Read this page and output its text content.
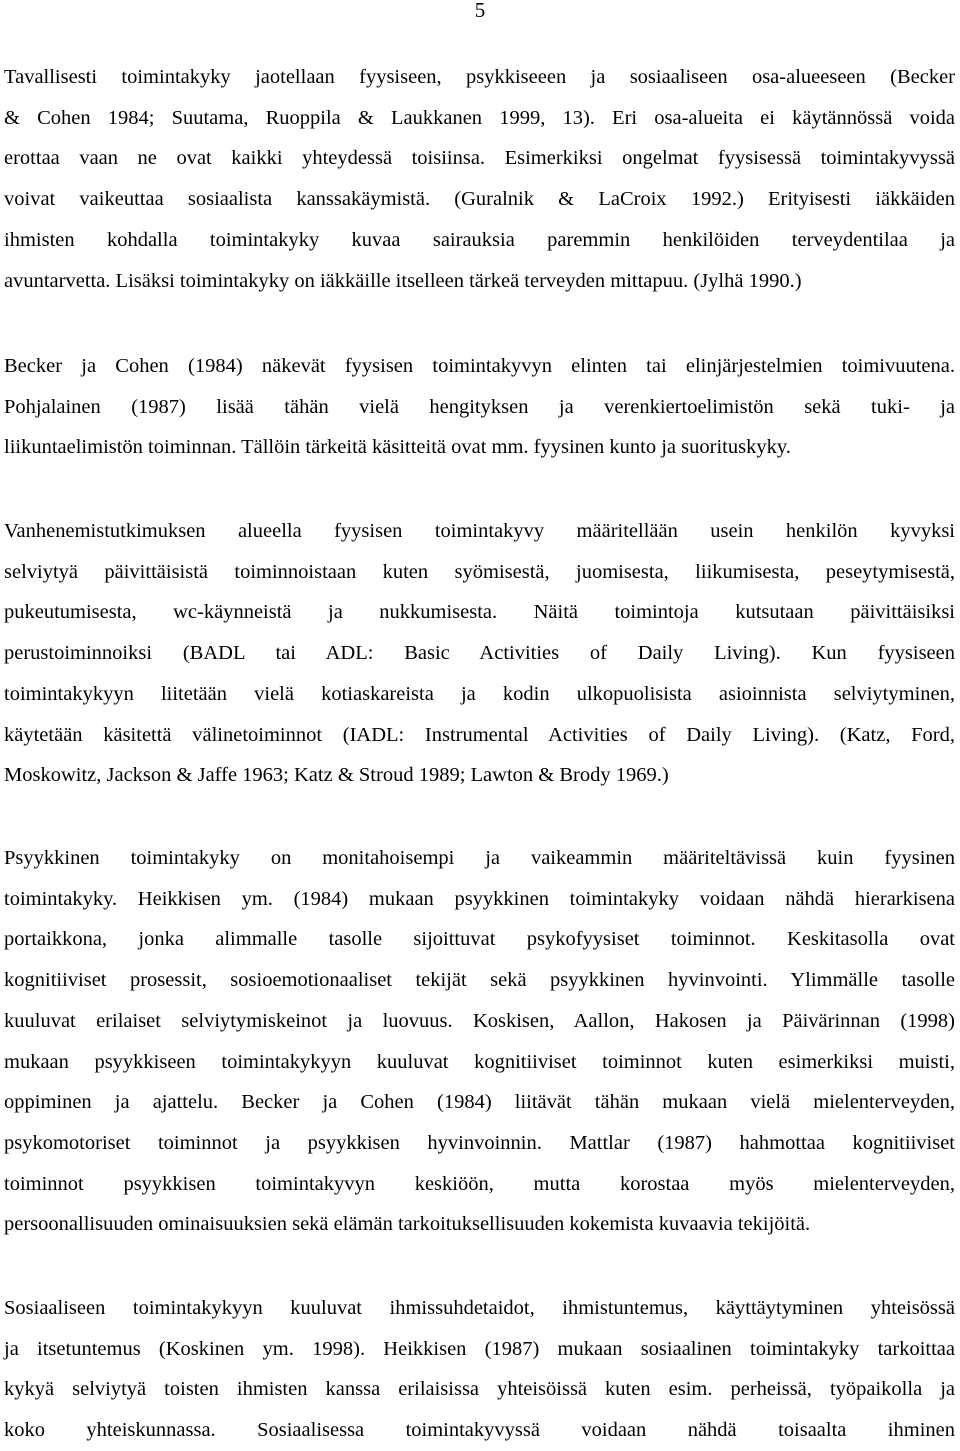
5
Tavallisesti toimintakyky jaotellaan fyysiseen, psykkiseeen ja sosiaaliseen osa-alueeseen (Becker
& Cohen 1984; Suutama, Ruoppila & Laukkanen 1999, 13). Eri osa-alueita ei käytännössä voida
erottaa vaan ne ovat kaikki yhteydessä toisiinsa. Esimerkiksi ongelmat fyysisessä toimintakyvyssä
voivat vaikeuttaa sosiaalista kanssakäymistä. (Guralnik & LaCroix 1992.) Erityisesti iäkkäiden
ihmisten kohdalla toimintakyky kuvaa sairauksia paremmin henkilöiden terveydentilaa ja
avuntarvetta. Lisäksi toimintakyky on iäkkäille itselleen tärkeä terveyden mittapuu. (Jylhä 1990.)
Becker ja Cohen (1984) näkevät fyysisen toimintakyvyn elinten tai elinjärjestelmien toimivuutena.
Pohjalainen (1987) lisää tähän vielä hengityksen ja verenkiertoelimistön sekä tuki- ja
liikuntaelimistön toiminnan. Tällöin tärkeitä käsitteitä ovat mm. fyysinen kunto ja suorituskyky.
Vanhenemistutkimuksen alueella fyysisen toimintakyvy määritellään usein henkilön kyvyksi
selviytyä päivittäisistä toiminnoistaan kuten syömisestä, juomisesta, liikumisesta, peseytymisestä,
pukeutumisesta, wc-käynneistä ja nukkumisesta. Näitä toimintoja kutsutaan päivittäisiksi
perustoiminnoiksi (BADL tai ADL: Basic Activities of Daily Living). Kun fyysiseen
toimintakykyyn liitetään vielä kotiaskareista ja kodin ulkopuolisista asioinnista selviytyminen,
käytetään käsitettä välinetoiminnot (IADL: Instrumental Activities of Daily Living). (Katz, Ford,
Moskowitz, Jackson & Jaffe 1963; Katz & Stroud 1989; Lawton & Brody 1969.)
Psyykkinen toimintakyky on monitahoisempi ja vaikeammin määriteltävissä kuin fyysinen
toimintakyky. Heikkisen ym. (1984) mukaan psyykkinen toimintakyky voidaan nähdä hierarkisena
portaikkona, jonka alimmalle tasolle sijoittuvat psykofyysiset toiminnot. Keskitasolla ovat
kognitiiviset prosessit, sosioemotionaaliset tekijät sekä psyykkinen hyvinvointi. Ylimmälle tasolle
kuuluvat erilaiset selviytymiskeinot ja luovuus. Koskisen, Aallon, Hakosen ja Päivärinnan (1998)
mukaan psyykkiseen toimintakykyyn kuuluvat kognitiiviset toiminnot kuten esimerkiksi muisti,
oppiminen ja ajattelu. Becker ja Cohen (1984) liitävät tähän mukaan vielä mielenterveyden,
psykomotoriset toiminnot ja psyykkisen hyvinvoinnin. Mattlar (1987) hahmottaa kognitiiviset
toiminnot psyykkisen toimintakyvyn keskiöön, mutta korostaa myös mielenterveyden,
persoonallisuuden ominaisuuksien sekä elämän tarkoituksellisuuden kokemista kuvaavia tekijöitä.
Sosiaaliseen toimintakykyyn kuuluvat ihmissuhdetaidot, ihmistuntemus, käyttäytyminen yhteisössä
ja itsetuntemus (Koskinen ym. 1998). Heikkisen (1987) mukaan sosiaalinen toimintakyky tarkoittaa
kykyä selviytyä toisten ihmisten kanssa erilaisissa yhteisöissä kuten esim. perheissä, työpaikolla ja
koko yhteiskunnassa. Sosiaalisessa toimintakyvyssä voidaan nähdä toisaalta ihminen
